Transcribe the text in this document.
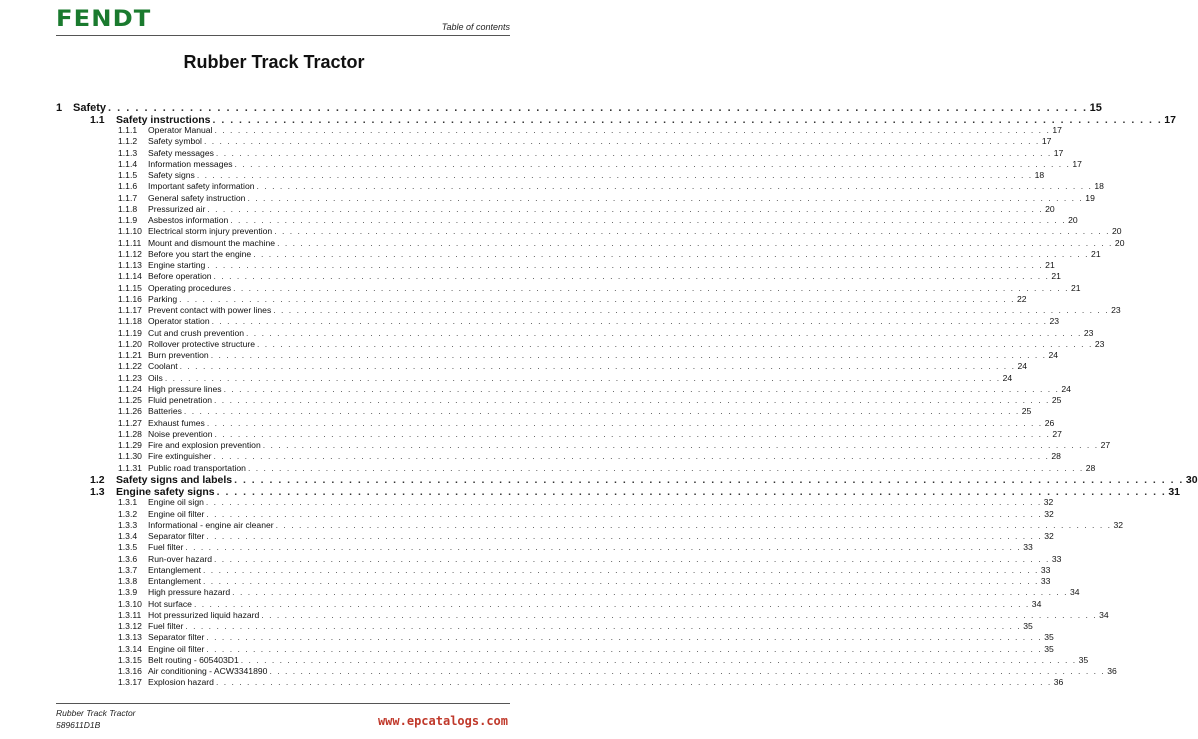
FENDT	Table of contents
Rubber Track Tractor
1 Safety . . . . . . . . . . . . . . . . . . . . . . . . . . . . . . . . . . . . . . . . . . . . . . . . . . . . . . . . . . . . . . . . . . . . . . . . . . . . . . . . . . . . . . . . . . . . . . . . . . . . . . . . . . . . 15
1.1	Safety instructions . . . . . . . . . . . . . . . . . . . . . . . . . . . . . . . . . . . . . . . . . . . . . . . . . . . . . . . . . . . . . . . . . . . . . . . . . . . . . . . . . . . . . . . . . . . . . . . . . . . . . . . . . . . . 17
1.1.1	Operator Manual . . . . . . . . . . . . . . . . . . . . . . . . . . . . . . . . . . . . . . . . . . . . . . . . . . . . . . . . . . . . . . . . . . . . . . . . . . . . . . . . . . . . . . . . . . . . . . . . . . . . . . . . . . . . 17
1.1.2	Safety symbol . . . . . . . . . . . . . . . . . . . . . . . . . . . . . . . . . . . . . . . . . . . . . . . . . . . . . . . . . . . . . . . . . . . . . . . . . . . . . . . . . . . . . . . . . . . . . . . . . . . . . . . . . . . . 17
1.1.3	Safety messages . . . . . . . . . . . . . . . . . . . . . . . . . . . . . . . . . . . . . . . . . . . . . . . . . . . . . . . . . . . . . . . . . . . . . . . . . . . . . . . . . . . . . . . . . . . . . . . . . . . . . . . . . . . . 17
1.1.4	Information messages . . . . . . . . . . . . . . . . . . . . . . . . . . . . . . . . . . . . . . . . . . . . . . . . . . . . . . . . . . . . . . . . . . . . . . . . . . . . . . . . . . . . . . . . . . . . . . . . . . . . . . . . . . . . 17
1.1.5	Safety signs . . . . . . . . . . . . . . . . . . . . . . . . . . . . . . . . . . . . . . . . . . . . . . . . . . . . . . . . . . . . . . . . . . . . . . . . . . . . . . . . . . . . . . . . . . . . . . . . . . . . . . . . . . . . 18
1.1.6	Important safety information . . . . . . . . . . . . . . . . . . . . . . . . . . . . . . . . . . . . . . . . . . . . . . . . . . . . . . . . . . . . . . . . . . . . . . . . . . . . . . . . . . . . . . . . . . . . . . . . . . . . . . . . . . . . 18
1.1.7	General safety instruction . . . . . . . . . . . . . . . . . . . . . . . . . . . . . . . . . . . . . . . . . . . . . . . . . . . . . . . . . . . . . . . . . . . . . . . . . . . . . . . . . . . . . . . . . . . . . . . . . . . . . . . . . . . . 19
1.1.8	Pressurized air . . . . . . . . . . . . . . . . . . . . . . . . . . . . . . . . . . . . . . . . . . . . . . . . . . . . . . . . . . . . . . . . . . . . . . . . . . . . . . . . . . . . . . . . . . . . . . . . . . . . . . . . . . . . 20
1.1.9	Asbestos information . . . . . . . . . . . . . . . . . . . . . . . . . . . . . . . . . . . . . . . . . . . . . . . . . . . . . . . . . . . . . . . . . . . . . . . . . . . . . . . . . . . . . . . . . . . . . . . . . . . . . . . . . . . . 20
1.1.10 Electrical storm injury prevention . . . . . . . . . . . . . . . . . . . . . . . . . . . . . . . . . . . . . . . . . . . . . . . . . . . . . . . . . . . . . . . . . . . . . . . . . . . . . . . . . . . . . . . . . . . . . . . . . . . . . . . . . . . . 20
1.1.11 Mount and dismount the machine . . . . . . . . . . . . . . . . . . . . . . . . . . . . . . . . . . . . . . . . . . . . . . . . . . . . . . . . . . . . . . . . . . . . . . . . . . . . . . . . . . . . . . . . . . . . . . . . . . . . . . . . . . . . 20
1.1.12 Before you start the engine . . . . . . . . . . . . . . . . . . . . . . . . . . . . . . . . . . . . . . . . . . . . . . . . . . . . . . . . . . . . . . . . . . . . . . . . . . . . . . . . . . . . . . . . . . . . . . . . . . . . . . . . . . . . 21
1.1.13 Engine starting . . . . . . . . . . . . . . . . . . . . . . . . . . . . . . . . . . . . . . . . . . . . . . . . . . . . . . . . . . . . . . . . . . . . . . . . . . . . . . . . . . . . . . . . . . . . . . . . . . . . . . . . . . . . 21
1.1.14 Before operation . . . . . . . . . . . . . . . . . . . . . . . . . . . . . . . . . . . . . . . . . . . . . . . . . . . . . . . . . . . . . . . . . . . . . . . . . . . . . . . . . . . . . . . . . . . . . . . . . . . . . . . . . . . . 21
1.1.15 Operating procedures . . . . . . . . . . . . . . . . . . . . . . . . . . . . . . . . . . . . . . . . . . . . . . . . . . . . . . . . . . . . . . . . . . . . . . . . . . . . . . . . . . . . . . . . . . . . . . . . . . . . . . . . . . . . 21
1.1.16 Parking . . . . . . . . . . . . . . . . . . . . . . . . . . . . . . . . . . . . . . . . . . . . . . . . . . . . . . . . . . . . . . . . . . . . . . . . . . . . . . . . . . . . . . . . . . . . . . . . . . . . . . . . . . . . 22
1.1.17 Prevent contact with power lines . . . . . . . . . . . . . . . . . . . . . . . . . . . . . . . . . . . . . . . . . . . . . . . . . . . . . . . . . . . . . . . . . . . . . . . . . . . . . . . . . . . . . . . . . . . . . . . . . . . . . . . . . . . . 23
1.1.18 Operator station . . . . . . . . . . . . . . . . . . . . . . . . . . . . . . . . . . . . . . . . . . . . . . . . . . . . . . . . . . . . . . . . . . . . . . . . . . . . . . . . . . . . . . . . . . . . . . . . . . . . . . . . . . . . 23
1.1.19 Cut and crush prevention . . . . . . . . . . . . . . . . . . . . . . . . . . . . . . . . . . . . . . . . . . . . . . . . . . . . . . . . . . . . . . . . . . . . . . . . . . . . . . . . . . . . . . . . . . . . . . . . . . . . . . . . . . . . 23
1.1.20 Rollover protective structure . . . . . . . . . . . . . . . . . . . . . . . . . . . . . . . . . . . . . . . . . . . . . . . . . . . . . . . . . . . . . . . . . . . . . . . . . . . . . . . . . . . . . . . . . . . . . . . . . . . . . . . . . . . . 23
1.1.21 Burn prevention . . . . . . . . . . . . . . . . . . . . . . . . . . . . . . . . . . . . . . . . . . . . . . . . . . . . . . . . . . . . . . . . . . . . . . . . . . . . . . . . . . . . . . . . . . . . . . . . . . . . . . . . . . . . 24
1.1.22 Coolant . . . . . . . . . . . . . . . . . . . . . . . . . . . . . . . . . . . . . . . . . . . . . . . . . . . . . . . . . . . . . . . . . . . . . . . . . . . . . . . . . . . . . . . . . . . . . . . . . . . . . . . . . . . . 24
1.1.23 Oils . . . . . . . . . . . . . . . . . . . . . . . . . . . . . . . . . . . . . . . . . . . . . . . . . . . . . . . . . . . . . . . . . . . . . . . . . . . . . . . . . . . . . . . . . . . . . . . . . . . . . . . . . . . . 24
1.1.24 High pressure lines . . . . . . . . . . . . . . . . . . . . . . . . . . . . . . . . . . . . . . . . . . . . . . . . . . . . . . . . . . . . . . . . . . . . . . . . . . . . . . . . . . . . . . . . . . . . . . . . . . . . . . . . . . . . 24
1.1.25 Fluid penetration . . . . . . . . . . . . . . . . . . . . . . . . . . . . . . . . . . . . . . . . . . . . . . . . . . . . . . . . . . . . . . . . . . . . . . . . . . . . . . . . . . . . . . . . . . . . . . . . . . . . . . . . . . . . 25
1.1.26 Batteries . . . . . . . . . . . . . . . . . . . . . . . . . . . . . . . . . . . . . . . . . . . . . . . . . . . . . . . . . . . . . . . . . . . . . . . . . . . . . . . . . . . . . . . . . . . . . . . . . . . . . . . . . . . . 25
1.1.27 Exhaust fumes . . . . . . . . . . . . . . . . . . . . . . . . . . . . . . . . . . . . . . . . . . . . . . . . . . . . . . . . . . . . . . . . . . . . . . . . . . . . . . . . . . . . . . . . . . . . . . . . . . . . . . . . . . . . 26
1.1.28 Noise prevention . . . . . . . . . . . . . . . . . . . . . . . . . . . . . . . . . . . . . . . . . . . . . . . . . . . . . . . . . . . . . . . . . . . . . . . . . . . . . . . . . . . . . . . . . . . . . . . . . . . . . . . . . . . . 27
1.1.29 Fire and explosion prevention . . . . . . . . . . . . . . . . . . . . . . . . . . . . . . . . . . . . . . . . . . . . . . . . . . . . . . . . . . . . . . . . . . . . . . . . . . . . . . . . . . . . . . . . . . . . . . . . . . . . . . . . . . . . 27
1.1.30 Fire extinguisher . . . . . . . . . . . . . . . . . . . . . . . . . . . . . . . . . . . . . . . . . . . . . . . . . . . . . . . . . . . . . . . . . . . . . . . . . . . . . . . . . . . . . . . . . . . . . . . . . . . . . . . . . . . . 28
1.1.31 Public road transportation . . . . . . . . . . . . . . . . . . . . . . . . . . . . . . . . . . . . . . . . . . . . . . . . . . . . . . . . . . . . . . . . . . . . . . . . . . . . . . . . . . . . . . . . . . . . . . . . . . . . . . . . . . . . 28
1.2	Safety signs and labels . . . . . . . . . . . . . . . . . . . . . . . . . . . . . . . . . . . . . . . . . . . . . . . . . . . . . . . . . . . . . . . . . . . . . . . . . . . . . . . . . . . . . . . . . . . . . . . . . . . . . . . . . . . . 30
1.3	Engine safety signs . . . . . . . . . . . . . . . . . . . . . . . . . . . . . . . . . . . . . . . . . . . . . . . . . . . . . . . . . . . . . . . . . . . . . . . . . . . . . . . . . . . . . . . . . . . . . . . . . . . . . . . . . . . . 31
1.3.1	Engine oil sign . . . . . . . . . . . . . . . . . . . . . . . . . . . . . . . . . . . . . . . . . . . . . . . . . . . . . . . . . . . . . . . . . . . . . . . . . . . . . . . . . . . . . . . . . . . . . . . . . . . . . . . . . . . . 32
1.3.2	Engine oil filter . . . . . . . . . . . . . . . . . . . . . . . . . . . . . . . . . . . . . . . . . . . . . . . . . . . . . . . . . . . . . . . . . . . . . . . . . . . . . . . . . . . . . . . . . . . . . . . . . . . . . . . . . . . . 32
1.3.3	Informational - engine air cleaner . . . . . . . . . . . . . . . . . . . . . . . . . . . . . . . . . . . . . . . . . . . . . . . . . . . . . . . . . . . . . . . . . . . . . . . . . . . . . . . . . . . . . . . . . . . . . . . . . . . . . . . . . . . . 32
1.3.4	Separator filter . . . . . . . . . . . . . . . . . . . . . . . . . . . . . . . . . . . . . . . . . . . . . . . . . . . . . . . . . . . . . . . . . . . . . . . . . . . . . . . . . . . . . . . . . . . . . . . . . . . . . . . . . . . . 32
1.3.5	Fuel filter . . . . . . . . . . . . . . . . . . . . . . . . . . . . . . . . . . . . . . . . . . . . . . . . . . . . . . . . . . . . . . . . . . . . . . . . . . . . . . . . . . . . . . . . . . . . . . . . . . . . . . . . . . . . 33
1.3.6	Run-over hazard . . . . . . . . . . . . . . . . . . . . . . . . . . . . . . . . . . . . . . . . . . . . . . . . . . . . . . . . . . . . . . . . . . . . . . . . . . . . . . . . . . . . . . . . . . . . . . . . . . . . . . . . . . . . 33
1.3.7	Entanglement . . . . . . . . . . . . . . . . . . . . . . . . . . . . . . . . . . . . . . . . . . . . . . . . . . . . . . . . . . . . . . . . . . . . . . . . . . . . . . . . . . . . . . . . . . . . . . . . . . . . . . . . . . . . 33
1.3.8	Entanglement . . . . . . . . . . . . . . . . . . . . . . . . . . . . . . . . . . . . . . . . . . . . . . . . . . . . . . . . . . . . . . . . . . . . . . . . . . . . . . . . . . . . . . . . . . . . . . . . . . . . . . . . . . . . 33
1.3.9	High pressure hazard . . . . . . . . . . . . . . . . . . . . . . . . . . . . . . . . . . . . . . . . . . . . . . . . . . . . . . . . . . . . . . . . . . . . . . . . . . . . . . . . . . . . . . . . . . . . . . . . . . . . . . . . . . . . 34
1.3.10 Hot surface . . . . . . . . . . . . . . . . . . . . . . . . . . . . . . . . . . . . . . . . . . . . . . . . . . . . . . . . . . . . . . . . . . . . . . . . . . . . . . . . . . . . . . . . . . . . . . . . . . . . . . . . . . . . 34
1.3.11 Hot pressurized liquid hazard . . . . . . . . . . . . . . . . . . . . . . . . . . . . . . . . . . . . . . . . . . . . . . . . . . . . . . . . . . . . . . . . . . . . . . . . . . . . . . . . . . . . . . . . . . . . . . . . . . . . . . . . . . . . 34
1.3.12 Fuel filter . . . . . . . . . . . . . . . . . . . . . . . . . . . . . . . . . . . . . . . . . . . . . . . . . . . . . . . . . . . . . . . . . . . . . . . . . . . . . . . . . . . . . . . . . . . . . . . . . . . . . . . . . . . . 35
1.3.13 Separator filter . . . . . . . . . . . . . . . . . . . . . . . . . . . . . . . . . . . . . . . . . . . . . . . . . . . . . . . . . . . . . . . . . . . . . . . . . . . . . . . . . . . . . . . . . . . . . . . . . . . . . . . . . . . . 35
1.3.14 Engine oil filter . . . . . . . . . . . . . . . . . . . . . . . . . . . . . . . . . . . . . . . . . . . . . . . . . . . . . . . . . . . . . . . . . . . . . . . . . . . . . . . . . . . . . . . . . . . . . . . . . . . . . . . . . . . . 35
1.3.15 Belt routing - 605403D1 . . . . . . . . . . . . . . . . . . . . . . . . . . . . . . . . . . . . . . . . . . . . . . . . . . . . . . . . . . . . . . . . . . . . . . . . . . . . . . . . . . . . . . . . . . . . . . . . . . . . . . . . . . . . 35
1.3.16 Air conditioning - ACW3341890 . . . . . . . . . . . . . . . . . . . . . . . . . . . . . . . . . . . . . . . . . . . . . . . . . . . . . . . . . . . . . . . . . . . . . . . . . . . . . . . . . . . . . . . . . . . . . . . . . . . . . . . . . . . . 36
1.3.17 Explosion hazard . . . . . . . . . . . . . . . . . . . . . . . . . . . . . . . . . . . . . . . . . . . . . . . . . . . . . . . . . . . . . . . . . . . . . . . . . . . . . . . . . . . . . . . . . . . . . . . . . . . . . . . . . . . . 36
Rubber Track Tractor
589611D1B	www.epcatalogs.com
